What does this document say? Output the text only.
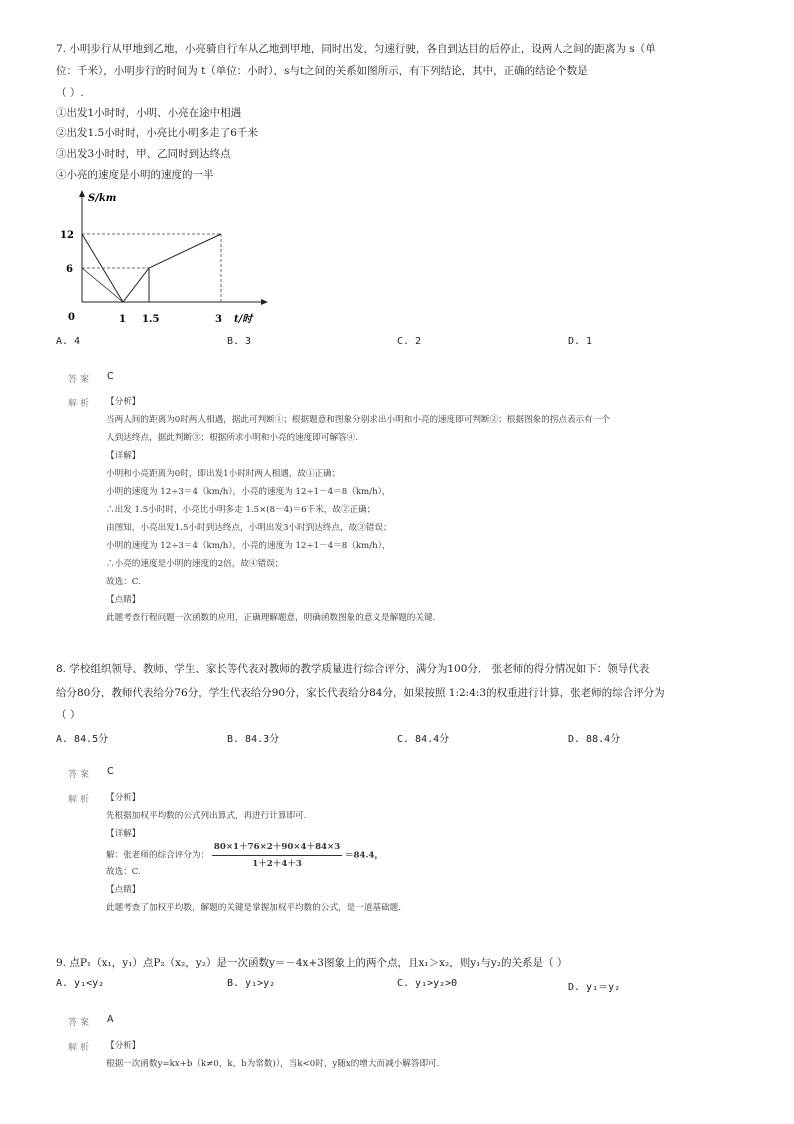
7. 小明步行从甲地到乙地，小亮骑自行车从乙地到甲地，同时出发，匀速行驶，各自到达目的后停止，设两人之间的距离为 s（单
位：千米），小明步行的时间为 t（单位：小时），s与t之间的关系如图所示，有下列结论，其中，正确的结论个数是
（ ）.
①出发1小时时，小明、小亮在途中相遇
②出发1.5小时时，小亮比小明多走了6千米
③出发3小时时，甲、乙同时到达终点
④小亮的速度是小明的速度的一半
S/km
t/时
0
12
6
1 1.5	3
A. 4	B. 3	C. 2	D. 1
答案 C
解析 【分析】
当两人间的距离为0时两人相遇，据此可判断①；根据题意和图象分别求出小明和小亮的速度即可判断②；根据图象的拐点表示有一个
人到达终点，据此判断③；根据所求小明和小亮的速度即可解答④.
【详解】
小明和小亮距离为0时，即出发1小时时两人相遇，故①正确；
小明的速度为 12÷3＝4（km/h），小亮的速度为 12÷1－4＝8（km/h），
∴出发 1.5小时时，小亮比小明多走 1.5×(8－4)＝6千米，故②正确；
由图知，小亮出发1.5小时到达终点，小明出发3小时到达终点，故③错误；
小明的速度为 12÷3＝4（km/h），小亮的速度为 12÷1－4＝8（km/h），
∴小亮的速度是小明的速度的2倍，故④错误；
故选：C.
【点睛】
此题考查行程问题一次函数的应用，正确理解题意，明确函数图象的意义是解题的关键.
8. 学校组织领导、教师、学生、家长等代表对教师的教学质量进行综合评分，满分为100分． 张老师的得分情况如下：领导代表
给分80分，教师代表给分76分，学生代表给分90分，家长代表给分84分，如果按照 1:2:4:3的权重进行计算，张老师的综合评分为
（ ）
A. 84.5分	B. 84.3分	C. 84.4分	D. 88.4分
答案 C
解析 【分析】
先根据加权平均数的公式列出算式，再进行计算即可.
【详解】
解：张老师的综合评分为： $\frac{80\times 1+76\times 2+90\times 4+84\times 3}{1+2+4+3} =84.4$，
故选：C.
【点睛】
此题考查了加权平均数，解题的关键是掌握加权平均数的公式，是一道基础题.
9. 点P₁（x₁，y₁）点P₂（x₂，y₂）是一次函数y＝－4x+3图象上的两个点，且x₁＞x₂，则y₁与y₂的关系是（ ）
A. y₁<y₂	B. y₁>y₂	C. y₁>y₂>0	D. y₁＝y₂
答案 A
解析 【分析】
根据一次函数y=kx+b（k≠0，k，b为常数)），当k<0时，y随x的增大而减小解答即可.
